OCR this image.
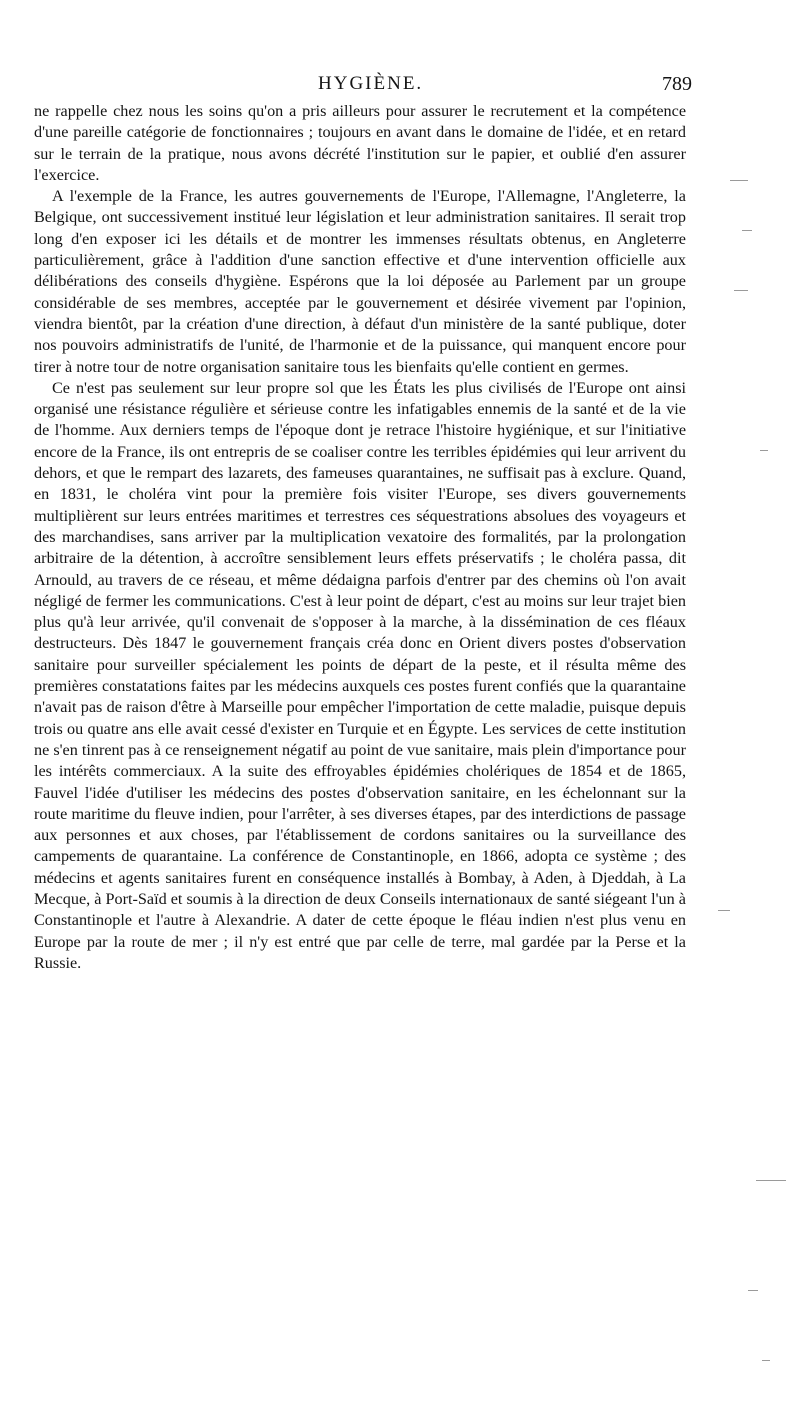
HYGIÈNE.	789

ne rappelle chez nous les soins qu'on a pris ailleurs pour assurer le recrutement et la compétence d'une pareille catégorie de fonctionnaires ; toujours en avant dans le domaine de l'idée, et en retard sur le terrain de la pratique, nous avons décrété l'institution sur le papier, et oublié d'en assurer l'exercice.

A l'exemple de la France, les autres gouvernements de l'Europe, l'Allemagne, l'Angleterre, la Belgique, ont successivement institué leur législation et leur administration sanitaires. Il serait trop long d'en exposer ici les détails et de montrer les immenses résultats obtenus, en Angleterre particulièrement, grâce à l'addition d'une sanction effective et d'une intervention officielle aux délibérations des conseils d'hygiène. Espérons que la loi déposée au Parlement par un groupe considérable de ses membres, acceptée par le gouvernement et désirée vivement par l'opinion, viendra bientôt, par la création d'une direction, à défaut d'un ministère de la santé publique, doter nos pouvoirs administratifs de l'unité, de l'harmonie et de la puissance, qui manquent encore pour tirer à notre tour de notre organisation sanitaire tous les bienfaits qu'elle contient en germes.

Ce n'est pas seulement sur leur propre sol que les États les plus civilisés de l'Europe ont ainsi organisé une résistance régulière et sérieuse contre les infatigables ennemis de la santé et de la vie de l'homme. Aux derniers temps de l'époque dont je retrace l'histoire hygiénique, et sur l'initiative encore de la France, ils ont entrepris de se coaliser contre les terribles épidémies qui leur arrivent du dehors, et que le rempart des lazarets, des fameuses quarantaines, ne suffisait pas à exclure. Quand, en 1831, le choléra vint pour la première fois visiter l'Europe, ses divers gouvernements multiplièrent sur leurs entrées maritimes et terrestres ces séquestrations absolues des voyageurs et des marchandises, sans arriver par la multiplication vexatoire des formalités, par la prolongation arbitraire de la détention, à accroître sensiblement leurs effets préservatifs ; le choléra passa, dit Arnould, au travers de ce réseau, et même dédaigna parfois d'entrer par des chemins où l'on avait négligé de fermer les communications. C'est à leur point de départ, c'est au moins sur leur trajet bien plus qu'à leur arrivée, qu'il convenait de s'opposer à la marche, à la dissémination de ces fléaux destructeurs. Dès 1847 le gouvernement français créa donc en Orient divers postes d'observation sanitaire pour surveiller spécialement les points de départ de la peste, et il résulta même des premières constatations faites par les médecins auxquels ces postes furent confiés que la quarantaine n'avait pas de raison d'être à Marseille pour empêcher l'importation de cette maladie, puisque depuis trois ou quatre ans elle avait cessé d'exister en Turquie et en Égypte. Les services de cette institution ne s'en tinrent pas à ce renseignement négatif au point de vue sanitaire, mais plein d'importance pour les intérêts commerciaux. A la suite des effroyables épidémies cholériques de 1854 et de 1865, Fauvel l'idée d'utiliser les médecins des postes d'observation sanitaire, en les échelonnant sur la route maritime du fleuve indien, pour l'arrêter, à ses diverses étapes, par des interdictions de passage aux personnes et aux choses, par l'établissement de cordons sanitaires ou la surveillance des campements de quarantaine. La conférence de Constantinople, en 1866, adopta ce système ; des médecins et agents sanitaires furent en conséquence installés à Bombay, à Aden, à Djeddah, à La Mecque, à Port-Saïd et soumis à la direction de deux Conseils internationaux de santé siégeant l'un à Constantinople et l'autre à Alexandrie. A dater de cette époque le fléau indien n'est plus venu en Europe par la route de mer ; il n'y est entré que par celle de terre, mal gardée par la Perse et la Russie.
